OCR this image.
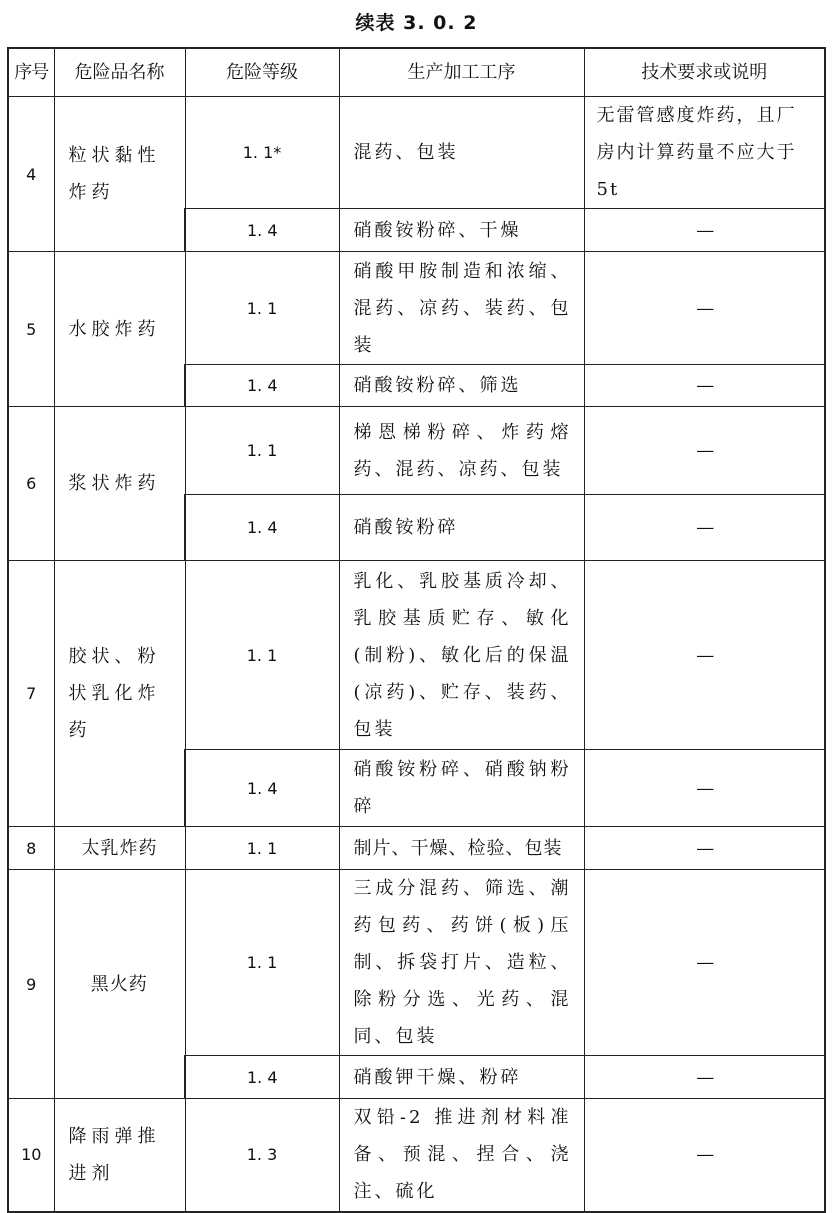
续表 3. 0. 2
序号	危险品名称	危险等级	生产加工工序	技术要求或说明
4	粒状黏性炸药	1. 1*	混药、包装	无雷管感度炸药，且厂房内计算药量不应大于 5t
		1. 4	硝酸铵粉碎、干燥	—
5	水胶炸药	1. 1	硝酸甲胺制造和浓缩、混药、凉药、装药、包装	—
		1. 4	硝酸铵粉碎、筛选	—
6	浆状炸药	1. 1	梯恩梯粉碎、炸药熔药、混药、凉药、包装	—
		1. 4	硝酸铵粉碎	—
7	胶状、粉状乳化炸药	1. 1	乳化、乳胶基质冷却、乳胶基质贮存、敏化(制粉)、敏化后的保温(凉药)、贮存、装药、包装	—
		1. 4	硝酸铵粉碎、硝酸钠粉碎	—
8	太乳炸药	1. 1	制片、干燥、检验、包装	—
9	黑火药	1. 1	三成分混药、筛选、潮药包药、药饼(板)压制、拆袋打片、造粒、除粉分选、光药、混同、包装	—
		1. 4	硝酸钾干燥、粉碎	—
10	降雨弹推进剂	1. 3	双铅-2 推进剂材料准备、预混、捏合、浇注、硫化	—
